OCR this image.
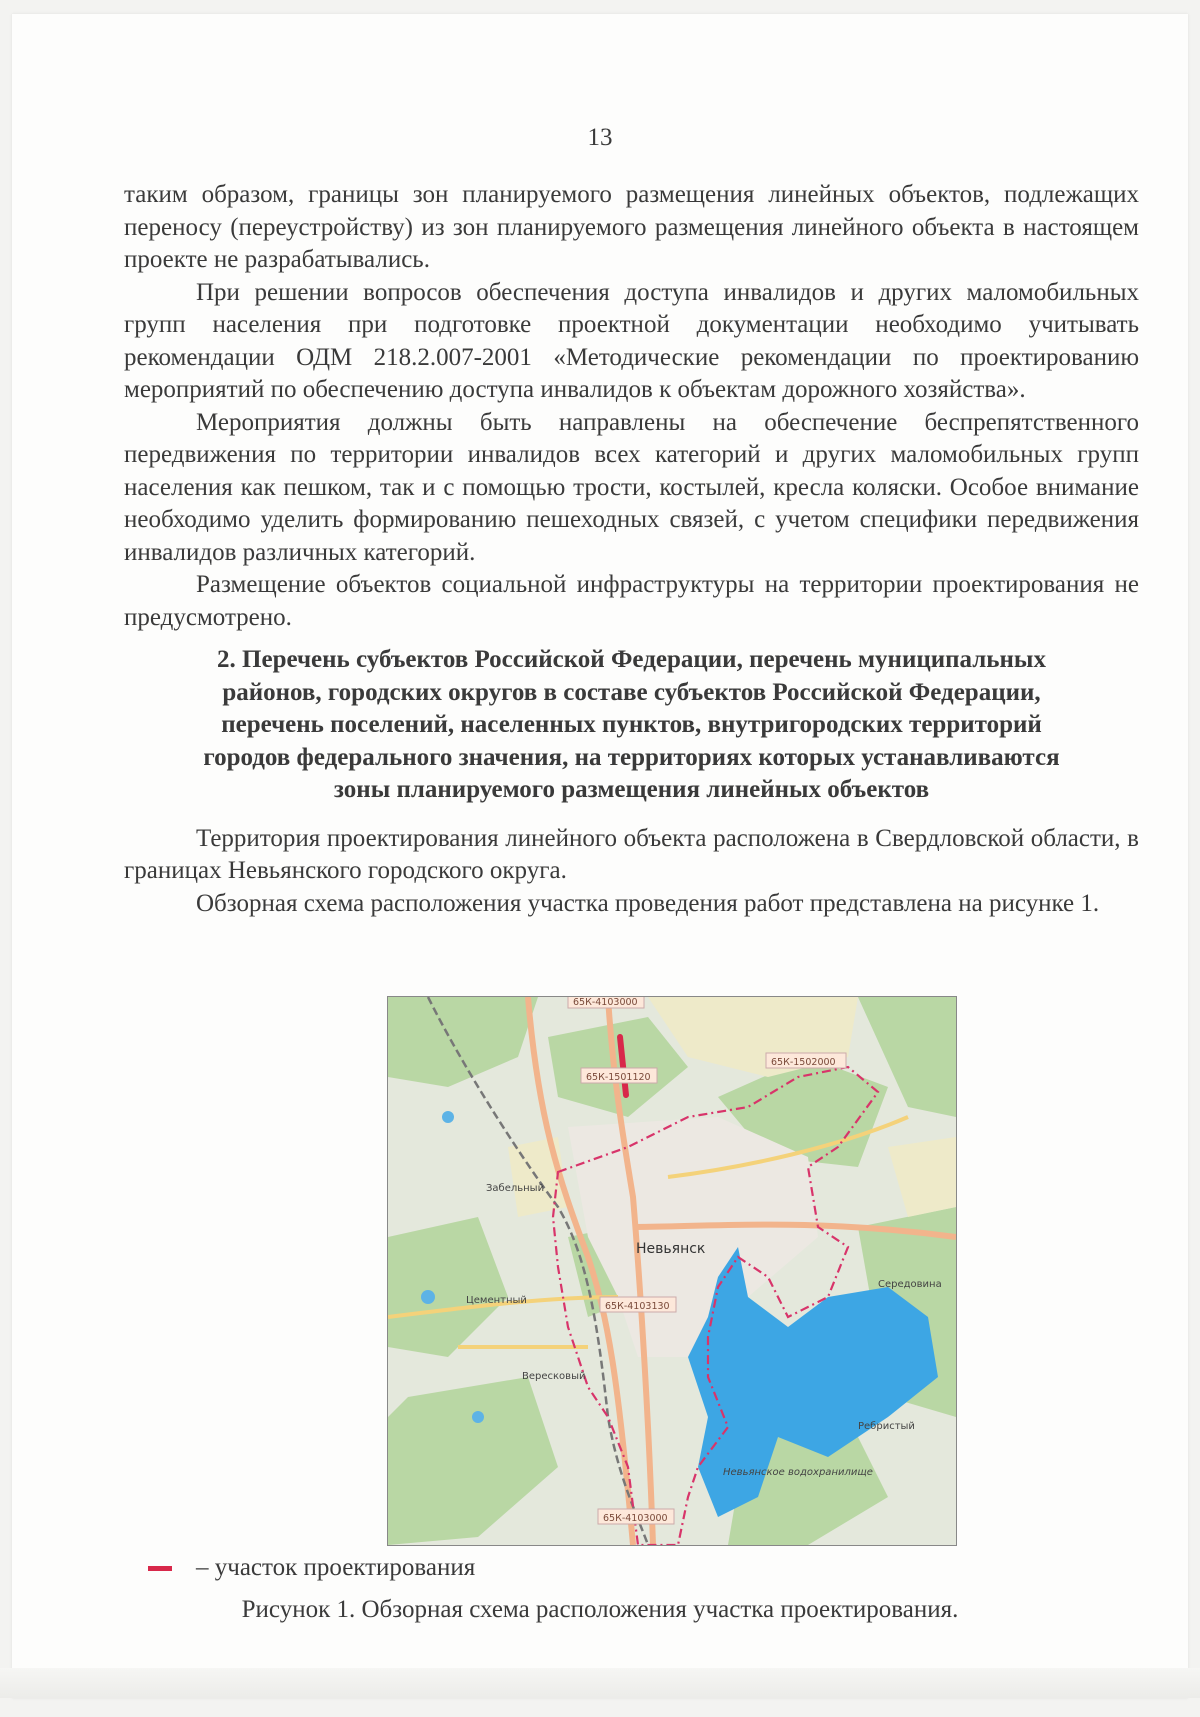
13

таким образом, границы зон планируемого размещения линейных объектов, подлежащих переносу (переустройству) из зон планируемого размещения линейного объекта в настоящем проекте не разрабатывались.

При решении вопросов обеспечения доступа инвалидов и других маломобильных групп населения при подготовке проектной документации необходимо учитывать рекомендации ОДМ 218.2.007-2001 «Методические рекомендации по проектированию мероприятий по обеспечению доступа инвалидов к объектам дорожного хозяйства».

Мероприятия должны быть направлены на обеспечение беспрепятственного передвижения по территории инвалидов всех категорий и других маломобильных групп населения как пешком, так и с помощью трости, костылей, кресла коляски. Особое внимание необходимо уделить формированию пешеходных связей, с учетом специфики передвижения инвалидов различных категорий.

Размещение объектов социальной инфраструктуры на территории проектирования не предусмотрено.

2. Перечень субъектов Российской Федерации, перечень муниципальных
районов, городских округов в составе субъектов Российской Федерации,
перечень поселений, населенных пунктов, внутригородских территорий
городов федерального значения, на территориях которых устанавливаются
зоны планируемого размещения линейных объектов

Территория проектирования линейного объекта расположена в Свердловской области, в границах Невьянского городского округа.

Обзорная схема расположения участка проведения работ представлена на рисунке 1.

65К-4103000
65К-1501120
65К-1502000
65К-4103130
65К-4103000
Забельный
Невьянск
Цементный
Вересковый
Середовина
Ребристый
Невьянское водохранилище
– участок проектирования
Рисунок 1. Обзорная схема расположения участка проектирования.
